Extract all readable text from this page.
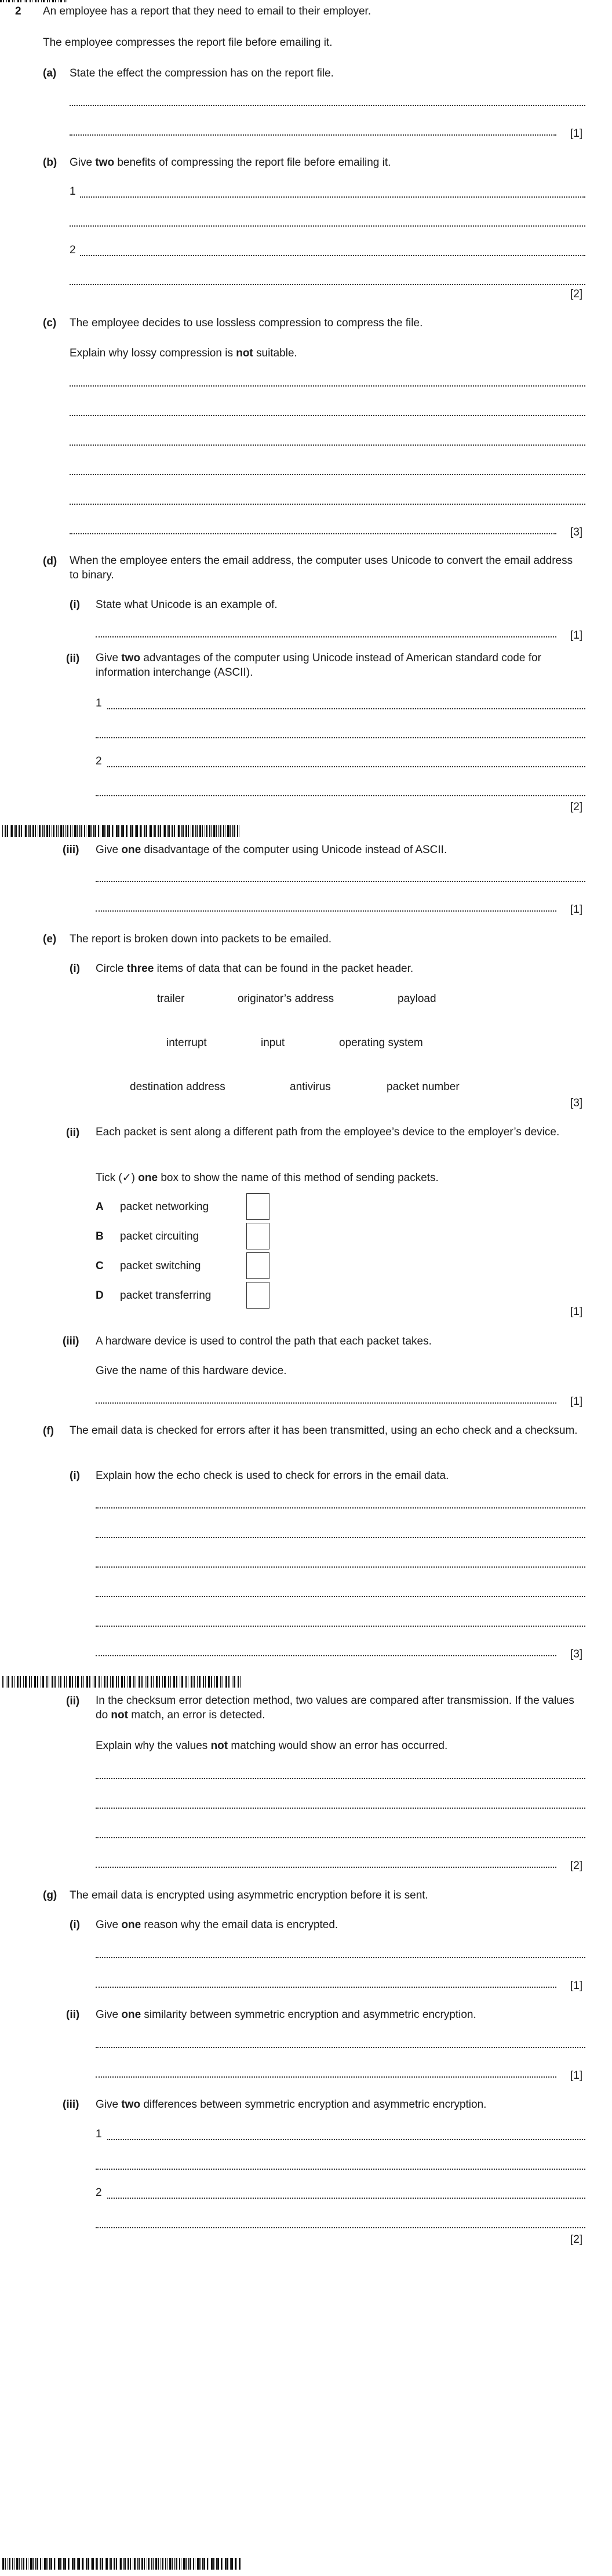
2 An employee has a report that they need to email to their employer.
The employee compresses the report file before emailing it.
(a) State the effect the compression has on the report file.
[1]
(b) Give two benefits of compressing the report file before emailing it.
1
2
[2]
(c) The employee decides to use lossless compression to compress the file.
Explain why lossy compression is not suitable.
[3]
(d) When the employee enters the email address, the computer uses Unicode to convert the email address to binary.
(i) State what Unicode is an example of.
[1]
(ii) Give two advantages of the computer using Unicode instead of American standard code for information interchange (ASCII).
1
2
[2]
(iii) Give one disadvantage of the computer using Unicode instead of ASCII.
[1]
(e) The report is broken down into packets to be emailed.
(i) Circle three items of data that can be found in the packet header.
trailer	originator’s address	payload
interrupt	input	operating system
destination address	antivirus	packet number
[3]
(ii) Each packet is sent along a different path from the employee’s device to the employer’s device.
Tick (✓) one box to show the name of this method of sending packets.
A packet networking
B packet circuiting
C packet switching
D packet transferring
[1]
(iii) A hardware device is used to control the path that each packet takes.
Give the name of this hardware device.
[1]
(f) The email data is checked for errors after it has been transmitted, using an echo check and a checksum.
(i) Explain how the echo check is used to check for errors in the email data.
[3]
(ii) In the checksum error detection method, two values are compared after transmission. If the values do not match, an error is detected.
Explain why the values not matching would show an error has occurred.
[2]
(g) The email data is encrypted using asymmetric encryption before it is sent.
(i) Give one reason why the email data is encrypted.
[1]
(ii) Give one similarity between symmetric encryption and asymmetric encryption.
[1]
(iii) Give two differences between symmetric encryption and asymmetric encryption.
1
2
[2]
